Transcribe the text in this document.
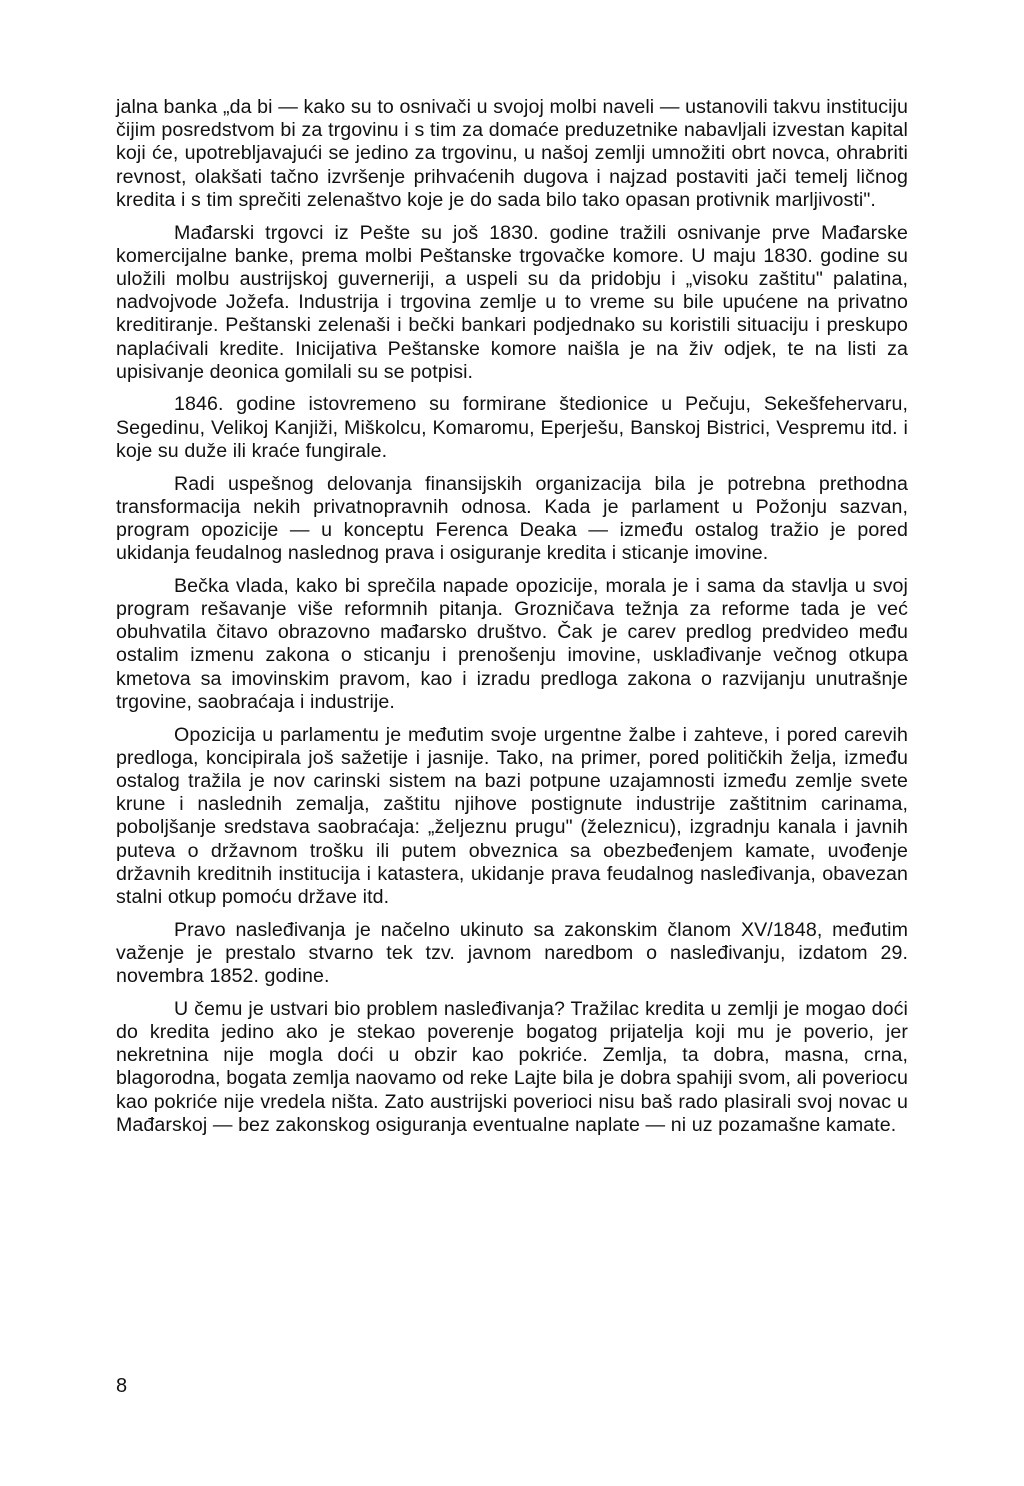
jalna banka „da bi — kako su to osnivači u svojoj molbi naveli — ustanovili takvu instituciju čijim posredstvom bi za trgovinu i s tim za domaće preduzetnike nabavljali izvestan kapital koji će, upotrebljavajući se jedino za trgovinu, u našoj zemlji umnožiti obrt novca, ohrabriti revnost, olakšati tačno izvršenje prihvaćenih dugova i najzad postaviti jači temelj ličnog kredita i s tim sprečiti zelenaštvo koje je do sada bilo tako opasan protivnik marljivosti".

Mađarski trgovci iz Pešte su još 1830. godine tražili osnivanje prve Mađarske komercijalne banke, prema molbi Peštanske trgovačke komore. U maju 1830. godine su uložili molbu austrijskoj guverneriji, a uspeli su da pridobju i „visoku zaštitu" palatina, nadvojvode Jožefa. Industrija i trgovina zemlje u to vreme su bile upućene na privatno kreditiranje. Peštanski zelenaši i bečki bankari podjednako su koristili situaciju i preskupo naplaćivali kredite. Inicijativa Peštanske komore naišla je na živ odjek, te na listi za upisivanje deonica gomilali su se potpisi.

1846. godine istovremeno su formirane štedionice u Pečuju, Sekešfehervaru, Segedinu, Velikoj Kanjiži, Miškolcu, Komaromu, Eperješu, Banskoj Bistrici, Vespremu itd. i koje su duže ili kraće fungirale.

Radi uspešnog delovanja finansijskih organizacija bila je potrebna prethodna transformacija nekih privatnopravnih odnosa. Kada je parlament u Požonju sazvan, program opozicije — u konceptu Ferenca Deaka — između ostalog tražio je pored ukidanja feudalnog naslednog prava i osiguranje kredita i sticanje imovine.

Bečka vlada, kako bi sprečila napade opozicije, morala je i sama da stavlja u svoj program rešavanje više reformnih pitanja. Grozničava težnja za reforme tada je već obuhvatila čitavo obrazovno mađarsko društvo. Čak je carev predlog predvideo među ostalim izmenu zakona o sticanju i prenošenju imovine, usklađivanje večnog otkupa kmetova sa imovinskim pravom, kao i izradu predloga zakona o razvijanju unutrašnje trgovine, saobraćaja i industrije.

Opozicija u parlamentu je međutim svoje urgentne žalbe i zahteve, i pored carevih predloga, koncipirala još sažetije i jasnije. Tako, na primer, pored političkih želja, između ostalog tražila je nov carinski sistem na bazi potpune uzajamnosti između zemlje svete krune i naslednih zemalja, zaštitu njihove postignute industrije zaštitnim carinama, poboljšanje sredstava saobraćaja: „željeznu prugu" (železnicu), izgradnju kanala i javnih puteva o državnom trošku ili putem obveznica sa obezbeđenjem kamate, uvođenje državnih kreditnih institucija i katastera, ukidanje prava feudalnog nasleđivanja, obavezan stalni otkup pomoću države itd.

Pravo nasleđivanja je načelno ukinuto sa zakonskim članom XV/1848, međutim važenje je prestalo stvarno tek tzv. javnom naredbom o nasleđivanju, izdatom 29. novembra 1852. godine.

U čemu je ustvari bio problem nasleđivanja? Tražilac kredita u zemlji je mogao doći do kredita jedino ako je stekao poverenje bogatog prijatelja koji mu je poverio, jer nekretnina nije mogla doći u obzir kao pokriće. Zemlja, ta dobra, masna, crna, blagorodna, bogata zemlja naovamo od reke Lajte bila je dobra spahiji svom, ali poveriocu kao pokriće nije vredela ništa. Zato austrijski poverioci nisu baš rado plasirali svoj novac u Mađarskoj — bez zakonskog osiguranja eventualne naplate — ni uz pozamašne kamate.

8
